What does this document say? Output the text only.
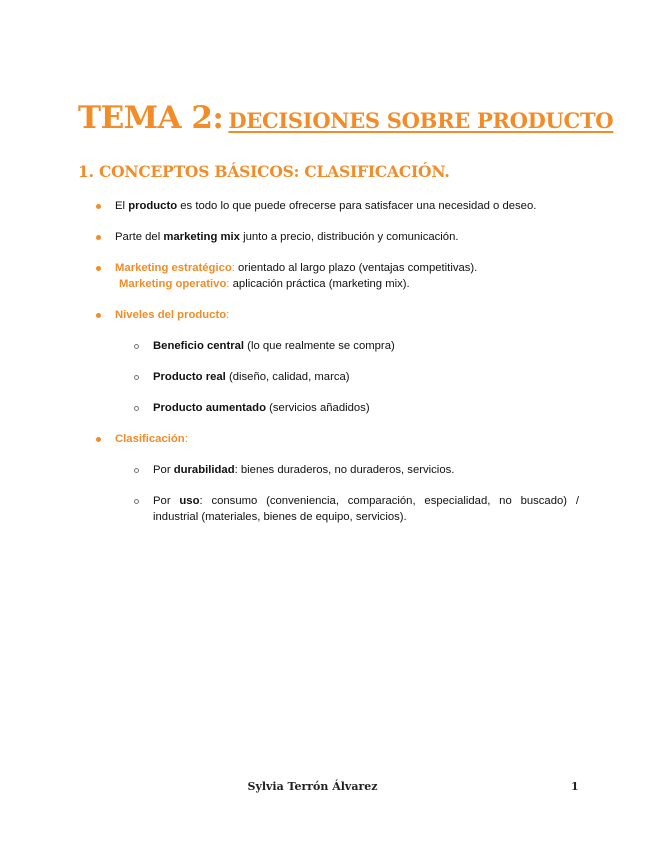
TEMA 2: DECISIONES SOBRE PRODUCTO
1. CONCEPTOS BÁSICOS: CLASIFICACIÓN.
El producto es todo lo que puede ofrecerse para satisfacer una necesidad o deseo.
Parte del marketing mix junto a precio, distribución y comunicación.
Marketing estratégico: orientado al largo plazo (ventajas competitivas).
Marketing operativo: aplicación práctica (marketing mix).
Niveles del producto:
Beneficio central (lo que realmente se compra)
Producto real (diseño, calidad, marca)
Producto aumentado (servicios añadidos)
Clasificación:
Por durabilidad: bienes duraderos, no duraderos, servicios.
Por uso: consumo (conveniencia, comparación, especialidad, no buscado) / industrial (materiales, bienes de equipo, servicios).
Sylvia Terrón Álvarez	1
